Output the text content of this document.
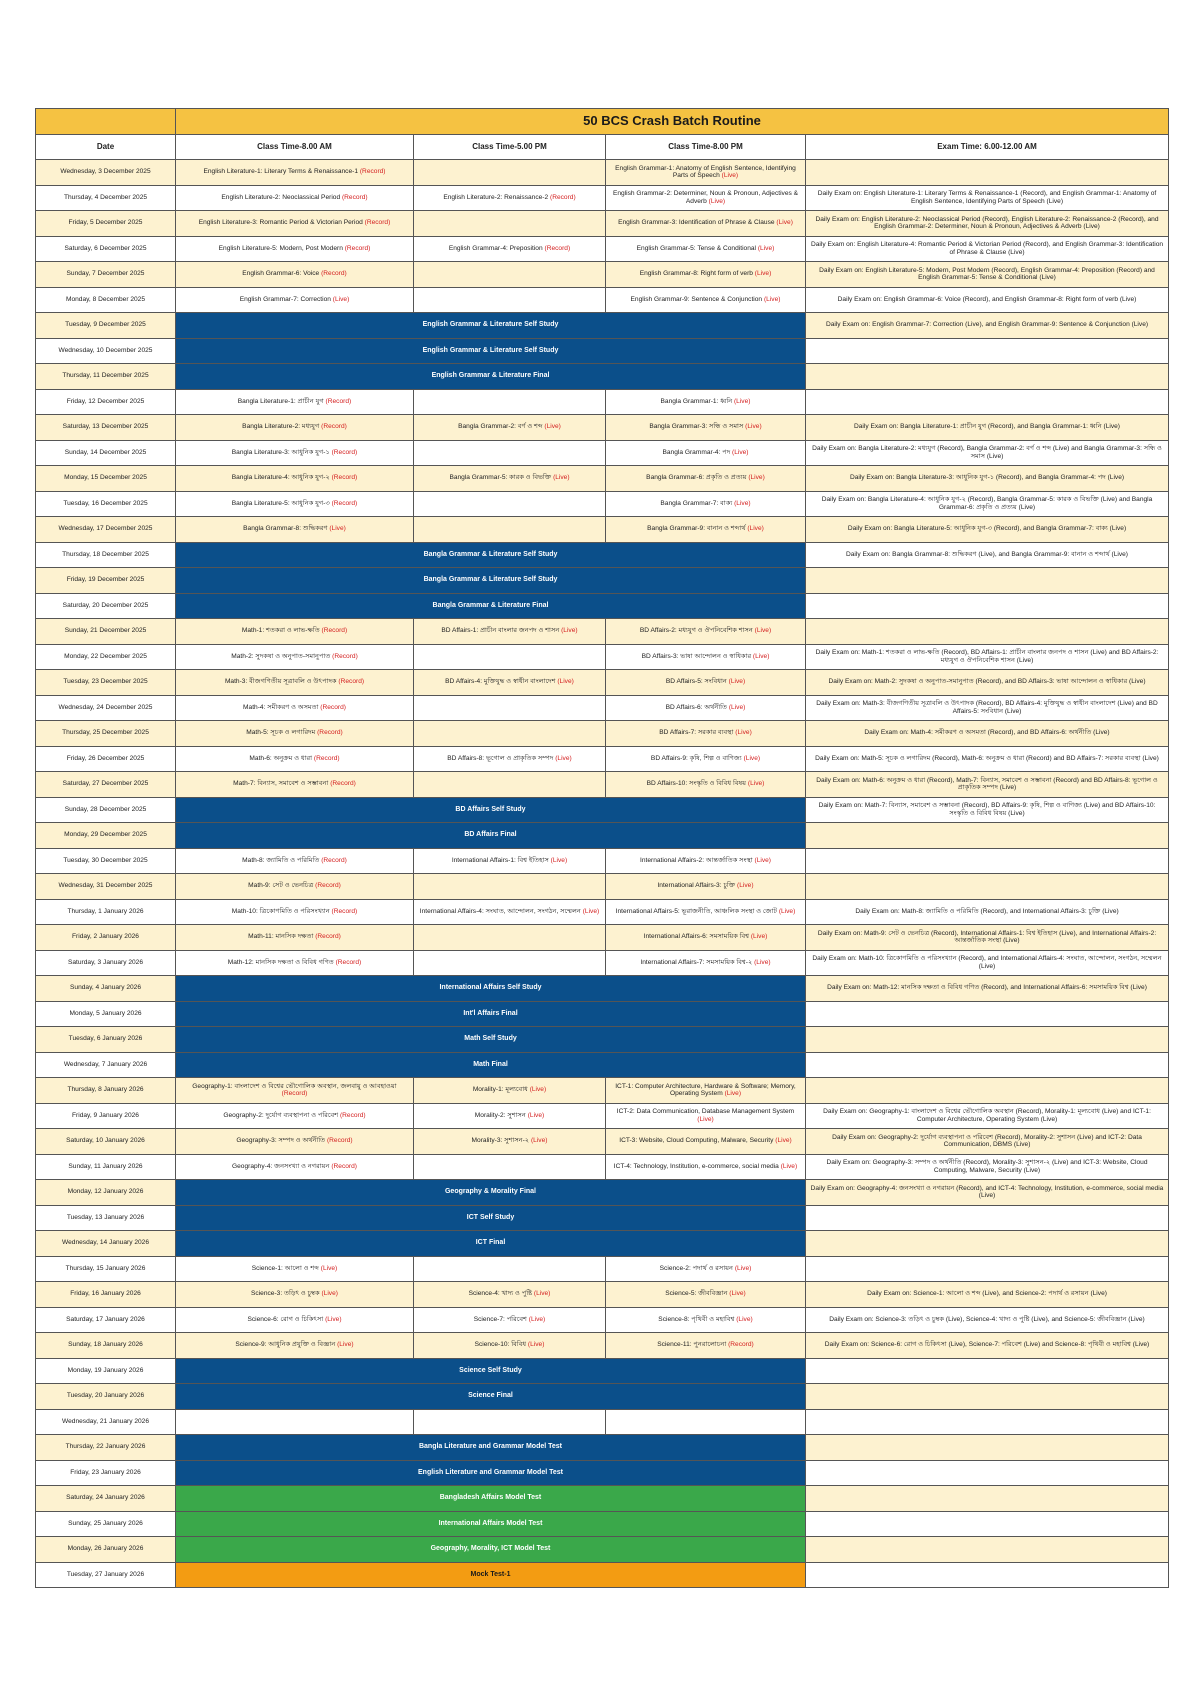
	50 BCS Crash Batch Routine			
Date	Class Time-8.00 AM	Class Time-5.00 PM	Class Time-8.00 PM	Exam Time: 6.00-12.00 AM
Wednesday, 3 December 2025	English Literature-1: Literary Terms & Renaissance-1 (Record)		English Grammar-1: Anatomy of English Sentence, Identifying Parts of Speech (Live)	
Thursday, 4 December 2025	English Literature-2: Neoclassical Period (Record)	English Literature-2: Renaissance-2 (Record)	English Grammar-2: Determiner, Noun & Pronoun, Adjectives & Adverb (Live)	Daily Exam on: English Literature-1: Literary Terms & Renaissance-1 (Record), and English Grammar-1: Anatomy of English Sentence, Identifying Parts of Speech (Live)
Friday, 5 December 2025	English Literature-3: Romantic Period & Victorian Period (Record)		English Grammar-3: Identification of Phrase & Clause (Live)	Daily Exam on: English Literature-2: Neoclassical Period (Record), English Literature-2: Renaissance-2 (Record), and English Grammar-2: Determiner, Noun & Pronoun, Adjectives & Adverb (Live)
Saturday, 6 December 2025	English Literature-5: Modern, Post Modern (Record)	English Grammar-4: Preposition (Record)	English Grammar-5: Tense & Conditional (Live)	Daily Exam on: English Literature-4: Romantic Period & Victorian Period (Record), and English Grammar-3: Identification of Phrase & Clause (Live)
Sunday, 7 December 2025	English Grammar-6: Voice (Record)		English Grammar-8: Right form of verb (Live)	Daily Exam on: English Literature-5: Modern, Post Modern (Record), English Grammar-4: Preposition (Record) and English Grammar-5: Tense & Conditional (Live)
Monday, 8 December 2025	English Grammar-7: Correction (Live)		English Grammar-9: Sentence & Conjunction (Live)	Daily Exam on: English Grammar-6: Voice (Record), and English Grammar-8: Right form of verb (Live)
Tuesday, 9 December 2025	English Grammar & Literature Self Study			Daily Exam on: English Grammar-7: Correction (Live), and English Grammar-9: Sentence & Conjunction (Live)
Wednesday, 10 December 2025	English Grammar & Literature Self Study			
Thursday, 11 December 2025	English Grammar & Literature Final			
Friday, 12 December 2025	Bangla Literature-1: প্রাচীন যুগ (Record)		Bangla Grammar-1: ধ্বনি (Live)	
Saturday, 13 December 2025	Bangla Literature-2: মধ্যযুগ (Record)	Bangla Grammar-2: বর্ণ ও শব্দ (Live)	Bangla Grammar-3: সন্ধি ও সমাস (Live)	Daily Exam on: Bangla Literature-1: প্রাচীন যুগ (Record), and Bangla Grammar-1: ধ্বনি (Live)
Sunday, 14 December 2025	Bangla Literature-3: আধুনিক যুগ-১ (Record)		Bangla Grammar-4: পদ (Live)	Daily Exam on: Bangla Literature-2: মধ্যযুগ (Record), Bangla Grammar-2: বর্ণ ও শব্দ (Live) and Bangla Grammar-3: সন্ধি ও সমাস (Live)
Monday, 15 December 2025	Bangla Literature-4: আধুনিক যুগ-২ (Record)	Bangla Grammar-5: কারক ও বিভক্তি (Live)	Bangla Grammar-6: প্রকৃতি ও প্রত্যয় (Live)	Daily Exam on: Bangla Literature-3: আধুনিক যুগ-১ (Record), and Bangla Grammar-4: পদ (Live)
Tuesday, 16 December 2025	Bangla Literature-5: আধুনিক যুগ-৩ (Record)		Bangla Grammar-7: বাক্য (Live)	Daily Exam on: Bangla Literature-4: আধুনিক যুগ-২ (Record), Bangla Grammar-5: কারক ও বিভক্তি (Live) and Bangla Grammar-6: প্রকৃতি ও প্রত্যয় (Live)
Wednesday, 17 December 2025	Bangla Grammar-8: শুদ্ধিকরণ (Live)		Bangla Grammar-9: বানান ও শব্দার্থ (Live)	Daily Exam on: Bangla Literature-5: আধুনিক যুগ-৩ (Record), and Bangla Grammar-7: বাক্য (Live)
Thursday, 18 December 2025	Bangla Grammar & Literature Self Study			Daily Exam on: Bangla Grammar-8: শুদ্ধিকরণ (Live), and Bangla Grammar-9: বানান ও শব্দার্থ (Live)
Friday, 19 December 2025	Bangla Grammar & Literature Self Study			
Saturday, 20 December 2025	Bangla Grammar & Literature Final			
Sunday, 21 December 2025	Math-1: শতকরা ও লাভ-ক্ষতি (Record)	BD Affairs-1: প্রাচীন বাংলার জনপদ ও শাসন (Live)	BD Affairs-2: মধ্যযুগ ও ঔপনিবেশিক শাসন (Live)	
Monday, 22 December 2025	Math-2: সুদকষা ও অনুপাত-সমানুপাত (Record)		BD Affairs-3: ভাষা আন্দোলন ও স্বাধিকার (Live)	Daily Exam on: Math-1: শতকরা ও লাভ-ক্ষতি (Record), BD Affairs-1: প্রাচীন বাংলার জনপদ ও শাসন (Live) and BD Affairs-2: মধ্যযুগ ও ঔপনিবেশিক শাসন (Live)
Tuesday, 23 December 2025	Math-3: বীজগণিতীয় সূত্রাবলি ও উৎপাদক (Record)	BD Affairs-4: মুক্তিযুদ্ধ ও স্বাধীন বাংলাদেশ (Live)	BD Affairs-5: সংবিধান (Live)	Daily Exam on: Math-2: সুদকষা ও অনুপাত-সমানুপাত (Record), and BD Affairs-3: ভাষা আন্দোলন ও স্বাধিকার (Live)
Wednesday, 24 December 2025	Math-4: সমীকরণ ও অসমতা (Record)		BD Affairs-6: অর্থনীতি (Live)	Daily Exam on: Math-3: বীজগণিতীয় সূত্রাবলি ও উৎপাদক (Record), BD Affairs-4: মুক্তিযুদ্ধ ও স্বাধীন বাংলাদেশ (Live) and BD Affairs-5: সংবিধান (Live)
Thursday, 25 December 2025	Math-5: সূচক ও লগারিদম (Record)		BD Affairs-7: সরকার ব্যবস্থা (Live)	Daily Exam on: Math-4: সমীকরণ ও অসমতা (Record), and BD Affairs-6: অর্থনীতি (Live)
Friday, 26 December 2025	Math-6: অনুক্রম ও ধারা (Record)	BD Affairs-8: ভূগোল ও প্রাকৃতিক সম্পদ (Live)	BD Affairs-9: কৃষি, শিল্প ও বাণিজ্য (Live)	Daily Exam on: Math-5: সূচক ও লগারিদম (Record), Math-6: অনুক্রম ও ধারা (Record) and BD Affairs-7: সরকার ব্যবস্থা (Live)
Saturday, 27 December 2025	Math-7: বিন্যাস, সমাবেশ ও সম্ভাবনা (Record)		BD Affairs-10: সংস্কৃতি ও বিবিধ বিষয় (Live)	Daily Exam on: Math-6: অনুক্রম ও ধারা (Record), Math-7: বিন্যাস, সমাবেশ ও সম্ভাবনা (Record) and BD Affairs-8: ভূগোল ও প্রাকৃতিক সম্পদ (Live)
Sunday, 28 December 2025	BD Affairs Self Study			Daily Exam on: Math-7: বিন্যাস, সমাবেশ ও সম্ভাবনা (Record), BD Affairs-9: কৃষি, শিল্প ও বাণিজ্য (Live) and BD Affairs-10: সংস্কৃতি ও বিবিধ বিষয় (Live)
Monday, 29 December 2025	BD Affairs Final			
Tuesday, 30 December 2025	Math-8: জ্যামিতি ও পরিমিতি (Record)	International Affairs-1: বিশ্ব ইতিহাস (Live)	International Affairs-2: আন্তর্জাতিক সংস্থা (Live)	
Wednesday, 31 December 2025	Math-9: সেট ও ভেনচিত্র (Record)		International Affairs-3: চুক্তি (Live)	
Thursday, 1 January 2026	Math-10: ত্রিকোণমিতি ও পরিসংখ্যান (Record)	International Affairs-4: সংঘাত, আন্দোলন, সংগঠন, সম্মেলন (Live)	International Affairs-5: ভূরাজনীতি, আঞ্চলিক সংস্থা ও জোট (Live)	Daily Exam on: Math-8: জ্যামিতি ও পরিমিতি (Record), and International Affairs-3: চুক্তি (Live)
Friday, 2 January 2026	Math-11: মানসিক দক্ষতা (Record)		International Affairs-6: সমসাময়িক বিশ্ব (Live)	Daily Exam on: Math-9: সেট ও ভেনচিত্র (Record), International Affairs-1: বিশ্ব ইতিহাস (Live), and International Affairs-2: আন্তর্জাতিক সংস্থা (Live)
Saturday, 3 January 2026	Math-12: মানসিক দক্ষতা ও বিবিধ গণিত (Record)		International Affairs-7: সমসাময়িক বিশ্ব-২ (Live)	Daily Exam on: Math-10: ত্রিকোণমিতি ও পরিসংখ্যান (Record), and International Affairs-4: সংঘাত, আন্দোলন, সংগঠন, সম্মেলন (Live)
Sunday, 4 January 2026	International Affairs Self Study			Daily Exam on: Math-12: মানসিক দক্ষতা ও বিবিধ গণিত (Record), and International Affairs-6: সমসাময়িক বিশ্ব (Live)
Monday, 5 January 2026	Int'l Affairs Final			
Tuesday, 6 January 2026	Math Self Study			
Wednesday, 7 January 2026	Math Final			
Thursday, 8 January 2026	Geography-1: বাংলাদেশ ও বিশ্বের ভৌগোলিক অবস্থান, জলবায়ু ও আবহাওয়া (Record)	Morality-1: মূল্যবোধ (Live)	ICT-1: Computer Architecture, Hardware & Software; Memory, Operating System (Live)	
Friday, 9 January 2026	Geography-2: দুর্যোগ ব্যবস্থাপনা ও পরিবেশ (Record)	Morality-2: সুশাসন (Live)	ICT-2: Data Communication, Database Management System (Live)	Daily Exam on: Geography-1: বাংলাদেশ ও বিশ্বের ভৌগোলিক অবস্থান (Record), Morality-1: মূল্যবোধ (Live) and ICT-1: Computer Architecture, Operating System (Live)
Saturday, 10 January 2026	Geography-3: সম্পদ ও অর্থনীতি (Record)	Morality-3: সুশাসন-২ (Live)	ICT-3: Website, Cloud Computing, Malware, Security (Live)	Daily Exam on: Geography-2: দুর্যোগ ব্যবস্থাপনা ও পরিবেশ (Record), Morality-2: সুশাসন (Live) and ICT-2: Data Communication, DBMS (Live)
Sunday, 11 January 2026	Geography-4: জনসংখ্যা ও নগরায়ন (Record)		ICT-4: Technology, Institution, e-commerce, social media (Live)	Daily Exam on: Geography-3: সম্পদ ও অর্থনীতি (Record), Morality-3: সুশাসন-২ (Live) and ICT-3: Website, Cloud Computing, Malware, Security (Live)
Monday, 12 January 2026	Geography & Morality Final			Daily Exam on: Geography-4: জনসংখ্যা ও নগরায়ন (Record), and ICT-4: Technology, Institution, e-commerce, social media (Live)
Tuesday, 13 January 2026	ICT Self Study			
Wednesday, 14 January 2026	ICT Final			
Thursday, 15 January 2026	Science-1: আলো ও শব্দ (Live)		Science-2: পদার্থ ও রসায়ন (Live)	
Friday, 16 January 2026	Science-3: তড়িৎ ও চুম্বক (Live)	Science-4: খাদ্য ও পুষ্টি (Live)	Science-5: জীববিজ্ঞান (Live)	Daily Exam on: Science-1: আলো ও শব্দ (Live), and Science-2: পদার্থ ও রসায়ন (Live)
Saturday, 17 January 2026	Science-6: রোগ ও চিকিৎসা (Live)	Science-7: পরিবেশ (Live)	Science-8: পৃথিবী ও মহাবিশ্ব (Live)	Daily Exam on: Science-3: তড়িৎ ও চুম্বক (Live), Science-4: খাদ্য ও পুষ্টি (Live), and Science-5: জীববিজ্ঞান (Live)
Sunday, 18 January 2026	Science-9: আধুনিক প্রযুক্তি ও বিজ্ঞান (Live)	Science-10: বিবিধ (Live)	Science-11: পুনরালোচনা (Record)	Daily Exam on: Science-6: রোগ ও চিকিৎসা (Live), Science-7: পরিবেশ (Live) and Science-8: পৃথিবী ও মহাবিশ্ব (Live)
Monday, 19 January 2026	Science Self Study			
Tuesday, 20 January 2026	Science Final			
Wednesday, 21 January 2026				
Thursday, 22 January 2026	Bangla Literature and Grammar Model Test			
Friday, 23 January 2026	English Literature and Grammar Model Test			
Saturday, 24 January 2026	Bangladesh Affairs Model Test			
Sunday, 25 January 2026	International Affairs Model Test			
Monday, 26 January 2026	Geography, Morality, ICT Model Test			
Tuesday, 27 January 2026	Mock Test-1			
